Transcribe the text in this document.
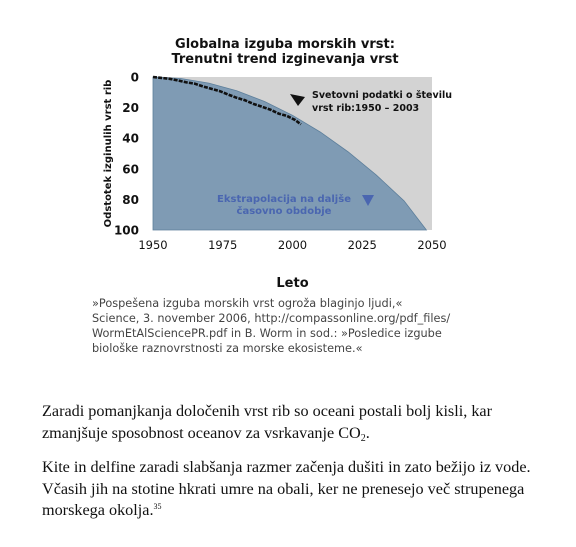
1950	1975	2000	2025	2050
0
20
40
60
80
100
Odstotek izginulih vrst rib
Leto
Svetovni podatki o številu vrst rib:1950 – 2003
Ekstrapolacija na daljše časovno obdobje
Globalna izguba morskih vrst:
Trenutni trend izginevanja vrst
»Pospešena izguba morskih vrst ogroža blaginjo ljudi,«
Science, 3. november 2006, http://compassonline.org/pdf_files/
WormEtAlSciencePR.pdf in B. Worm in sod.: »Posledice izgube
biološke raznovrstnosti za morske ekosisteme.«

Zaradi pomanjkanja določenih vrst rib so oceani postali bolj kisli, kar
zmanjšuje sposobnost oceanov za vsrkavanje $CO_2$.

Kite in delfine zaradi slabšanja razmer začenja dušiti in zato bežijo iz vode.
Včasih jih na stotine hkrati umre na obali, ker ne prenesejo več strupenega
morskega okolja.$^{35}$
